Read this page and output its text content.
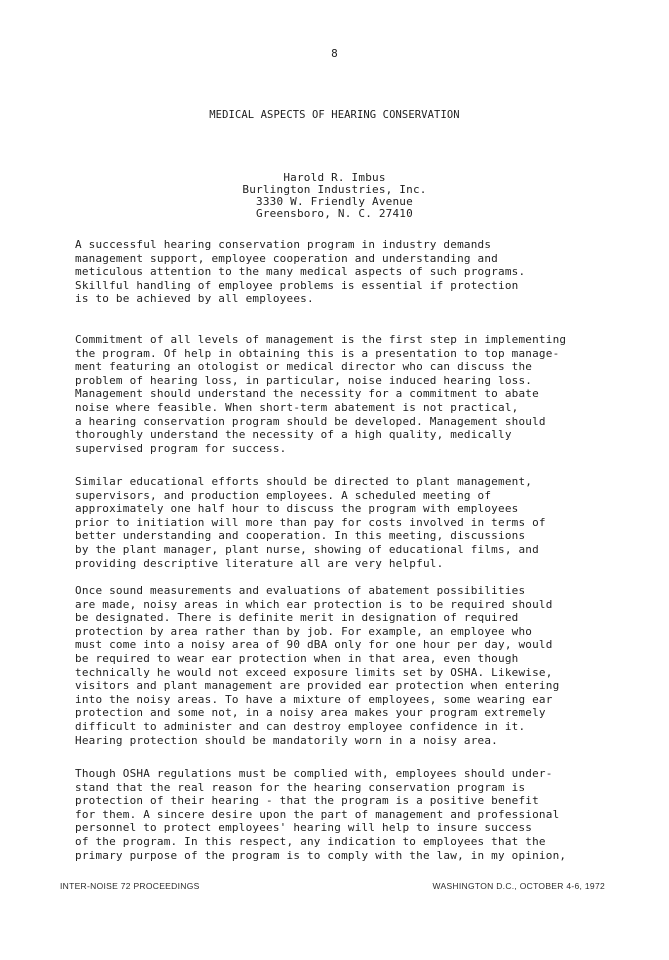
8
MEDICAL ASPECTS OF HEARING CONSERVATION
Harold R. Imbus
Burlington Industries, Inc.
3330 W. Friendly Avenue
Greensboro, N. C. 27410
A successful hearing conservation program in industry demands
management support, employee cooperation and understanding and
meticulous attention to the many medical aspects of such programs.
Skillful handling of employee problems is essential if protection
is to be achieved by all employees.
Commitment of all levels of management is the first step in implementing
the program. Of help in obtaining this is a presentation to top manage-
ment featuring an otologist or medical director who can discuss the
problem of hearing loss, in particular, noise induced hearing loss.
Management should understand the necessity for a commitment to abate
noise where feasible. When short-term abatement is not practical,
a hearing conservation program should be developed. Management should
thoroughly understand the necessity of a high quality, medically
supervised program for success.
Similar educational efforts should be directed to plant management,
supervisors, and production employees. A scheduled meeting of
approximately one half hour to discuss the program with employees
prior to initiation will more than pay for costs involved in terms of
better understanding and cooperation. In this meeting, discussions
by the plant manager, plant nurse, showing of educational films, and
providing descriptive literature all are very helpful.
Once sound measurements and evaluations of abatement possibilities
are made, noisy areas in which ear protection is to be required should
be designated. There is definite merit in designation of required
protection by area rather than by job. For example, an employee who
must come into a noisy area of 90 dBA only for one hour per day, would
be required to wear ear protection when in that area, even though
technically he would not exceed exposure limits set by OSHA. Likewise,
visitors and plant management are provided ear protection when entering
into the noisy areas. To have a mixture of employees, some wearing ear
protection and some not, in a noisy area makes your program extremely
difficult to administer and can destroy employee confidence in it.
Hearing protection should be mandatorily worn in a noisy area.
Though OSHA regulations must be complied with, employees should under-
stand that the real reason for the hearing conservation program is
protection of their hearing - that the program is a positive benefit
for them. A sincere desire upon the part of management and professional
personnel to protect employees' hearing will help to insure success
of the program. In this respect, any indication to employees that the
primary purpose of the program is to comply with the law, in my opinion,
INTER-NOISE 72 PROCEEDINGS	WASHINGTON D.C., OCTOBER 4-6, 1972
